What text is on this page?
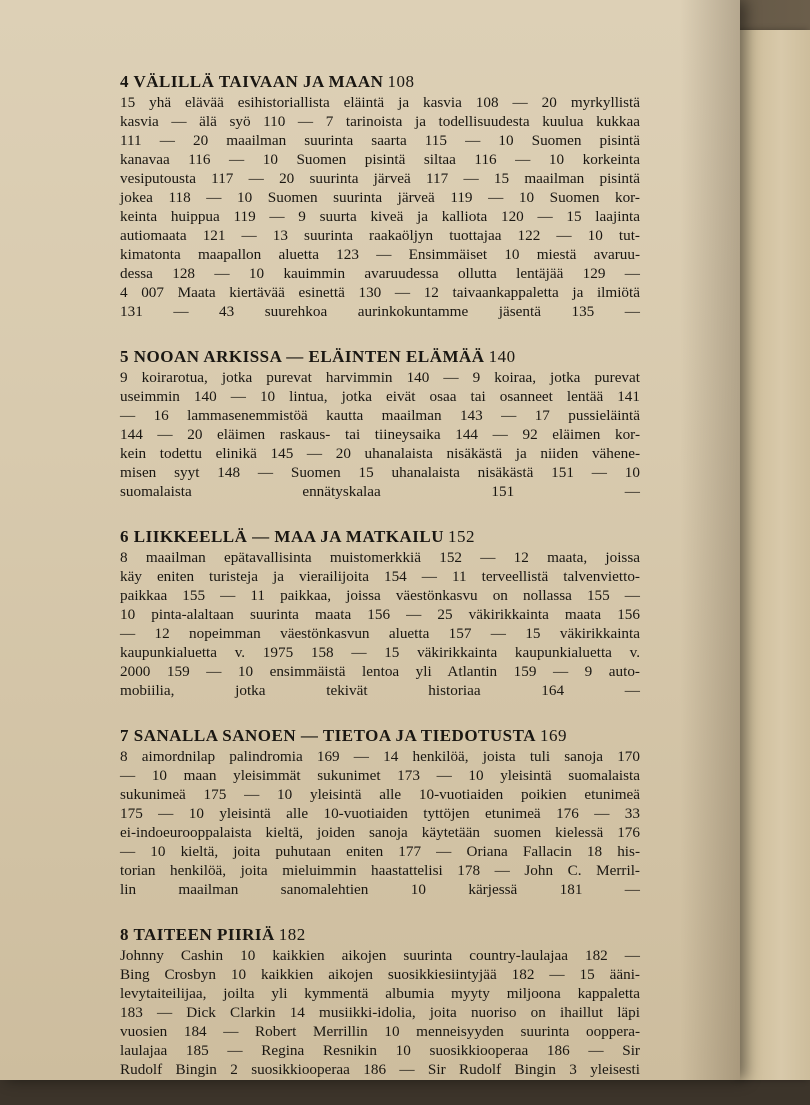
4 VÄLILLÄ TAIVAAN JA MAAN 108
15 yhä elävää esihistoriallista eläintä ja kasvia 108 — 20 myrkyllistä
kasvia — älä syö 110 — 7 tarinoista ja todellisuudesta kuulua kukkaa
111 — 20 maailman suurinta saarta 115 — 10 Suomen pisintä
kanavaa 116 — 10 Suomen pisintä siltaa 116 — 10 korkeinta
vesiputousta 117 — 20 suurinta järveä 117 — 15 maailman pisintä
jokea 118 — 10 Suomen suurinta järveä 119 — 10 Suomen kor-
keinta huippua 119 — 9 suurta kiveä ja kalliota 120 — 15 laajinta
autiomaata 121 — 13 suurinta raakaöljyn tuottajaa 122 — 10 tut-
kimatonta maapallon aluetta 123 — Ensimmäiset 10 miestä avaruu-
dessa 128 — 10 kauimmin avaruudessa ollutta lentäjää 129 —
4 007 Maata kiertävää esinettä 130 — 12 taivaankappaletta ja ilmiötä
131 — 43 suurehkoa aurinkokuntamme jäsentä 135 —
5 NOOAN ARKISSA — ELÄINTEN ELÄMÄÄ 140
9 koirarotua, jotka purevat harvimmin 140 — 9 koiraa, jotka purevat
useimmin 140 — 10 lintua, jotka eivät osaa tai osanneet lentää 141
— 16 lammasenemmistöä kautta maailman 143 — 17 pussieläintä
144 — 20 eläimen raskaus- tai tiineysaika 144 — 92 eläimen kor-
kein todettu elinikä 145 — 20 uhanalaista nisäkästä ja niiden vähene-
misen syyt 148 — Suomen 15 uhanalaista nisäkästä 151 — 10
suomalaista ennätyskalaa 151 —
6 LIIKKEELLÄ — MAA JA MATKAILU 152
8 maailman epätavallisinta muistomerkkiä 152 — 12 maata, joissa
käy eniten turisteja ja vierailijoita 154 — 11 terveellistä talvenvietto-
paikkaa 155 — 11 paikkaa, joissa väestönkasvu on nollassa 155 —
10 pinta-alaltaan suurinta maata 156 — 25 väkirikkainta maata 156
— 12 nopeimman väestönkasvun aluetta 157 — 15 väkirikkainta
kaupunkialuetta v. 1975 158 — 15 väkirikkainta kaupunkialuetta v.
2000 159 — 10 ensimmäistä lentoa yli Atlantin 159 — 9 auto-
mobiilia, jotka tekivät historiaa 164 —
7 SANALLA SANOEN — TIETOA JA TIEDOTUSTA 169
8 aimordnilap palindromia 169 — 14 henkilöä, joista tuli sanoja 170
— 10 maan yleisimmät sukunimet 173 — 10 yleisintä suomalaista
sukunimeä 175 — 10 yleisintä alle 10-vuotiaiden poikien etunimeä
175 — 10 yleisintä alle 10-vuotiaiden tyttöjen etunimeä 176 — 33
ei-indoeurooppalaista kieltä, joiden sanoja käytetään suomen kielessä 176
— 10 kieltä, joita puhutaan eniten 177 — Oriana Fallacin 18 his-
torian henkilöä, joita mieluimmin haastattelisi 178 — John C. Merril-
lin maailman sanomalehtien 10 kärjessä 181 —
8 TAITEEN PIIRIÄ 182
Johnny Cashin 10 kaikkien aikojen suurinta country-laulajaa 182 —
Bing Crosbyn 10 kaikkien aikojen suosikkiesiintyjää 182 — 15 ääni-
levytaiteilijaa, joilta yli kymmentä albumia myyty miljoona kappaletta
183 — Dick Clarkin 14 musiikki-idolia, joita nuoriso on ihaillut läpi
vuosien 184 — Robert Merrillin 10 menneisyyden suurinta ooppera-
laulajaa 185 — Regina Resnikin 10 suosikkiooperaa 186 — Sir
Rudolf Bingin 2 suosikkiooperaa 186 — Sir Rudolf Bingin 3 yleisesti
